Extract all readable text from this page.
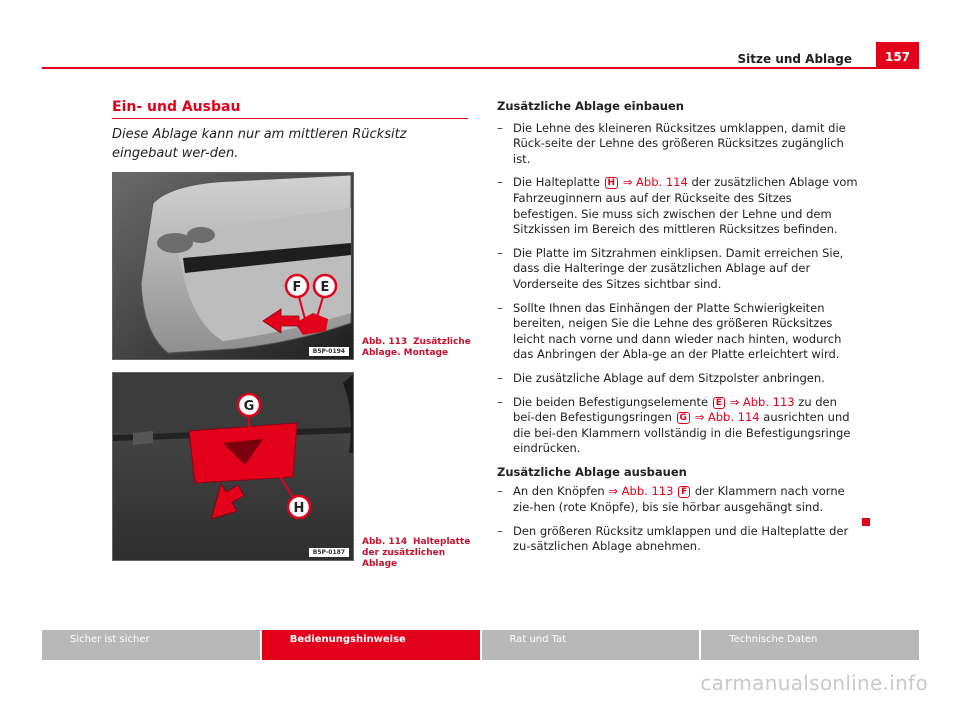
Sitze und Ablage	157
Ein- und Ausbau

Diese Ablage kann nur am mittleren Rücksitz eingebaut wer-den.

F E
B5P-0194
Abb. 113 Zusätzliche Ablage. Montage
G
H
B5P-0187
Abb. 114 Halteplatte der zusätzlichen Ablage
Zusätzliche Ablage einbauen
– Die Lehne des kleineren Rücksitzes umklappen, damit die Rück-seite der Lehne des größeren Rücksitzes zugänglich ist.
– Die Halteplatte H ⇒ Abb. 114 der zusätzlichen Ablage vom Fahrzeuginnern aus auf der Rückseite des Sitzes befestigen. Sie muss sich zwischen der Lehne und dem Sitzkissen im Bereich des mittleren Rücksitzes befinden.
– Die Platte im Sitzrahmen einklipsen. Damit erreichen Sie, dass die Halteringe der zusätzlichen Ablage auf der Vorderseite des Sitzes sichtbar sind.
– Sollte Ihnen das Einhängen der Platte Schwierigkeiten bereiten, neigen Sie die Lehne des größeren Rücksitzes leicht nach vorne und dann wieder nach hinten, wodurch das Anbringen der Abla-ge an der Platte erleichtert wird.
– Die zusätzliche Ablage auf dem Sitzpolster anbringen.
– Die beiden Befestigungselemente E ⇒ Abb. 113 zu den bei-den Befestigungsringen G ⇒ Abb. 114 ausrichten und die bei-den Klammern vollständig in die Befestigungsringe eindrücken.
Zusätzliche Ablage ausbauen
– An den Knöpfen ⇒ Abb. 113 F der Klammern nach vorne zie-hen (rote Knöpfe), bis sie hörbar ausgehängt sind.
– Den größeren Rücksitz umklappen und die Halteplatte der zu-sätzlichen Ablage abnehmen.
Sicher ist sicher	Bedienungshinweise	Rat und Tat	Technische Daten
carmanualsonline.info
